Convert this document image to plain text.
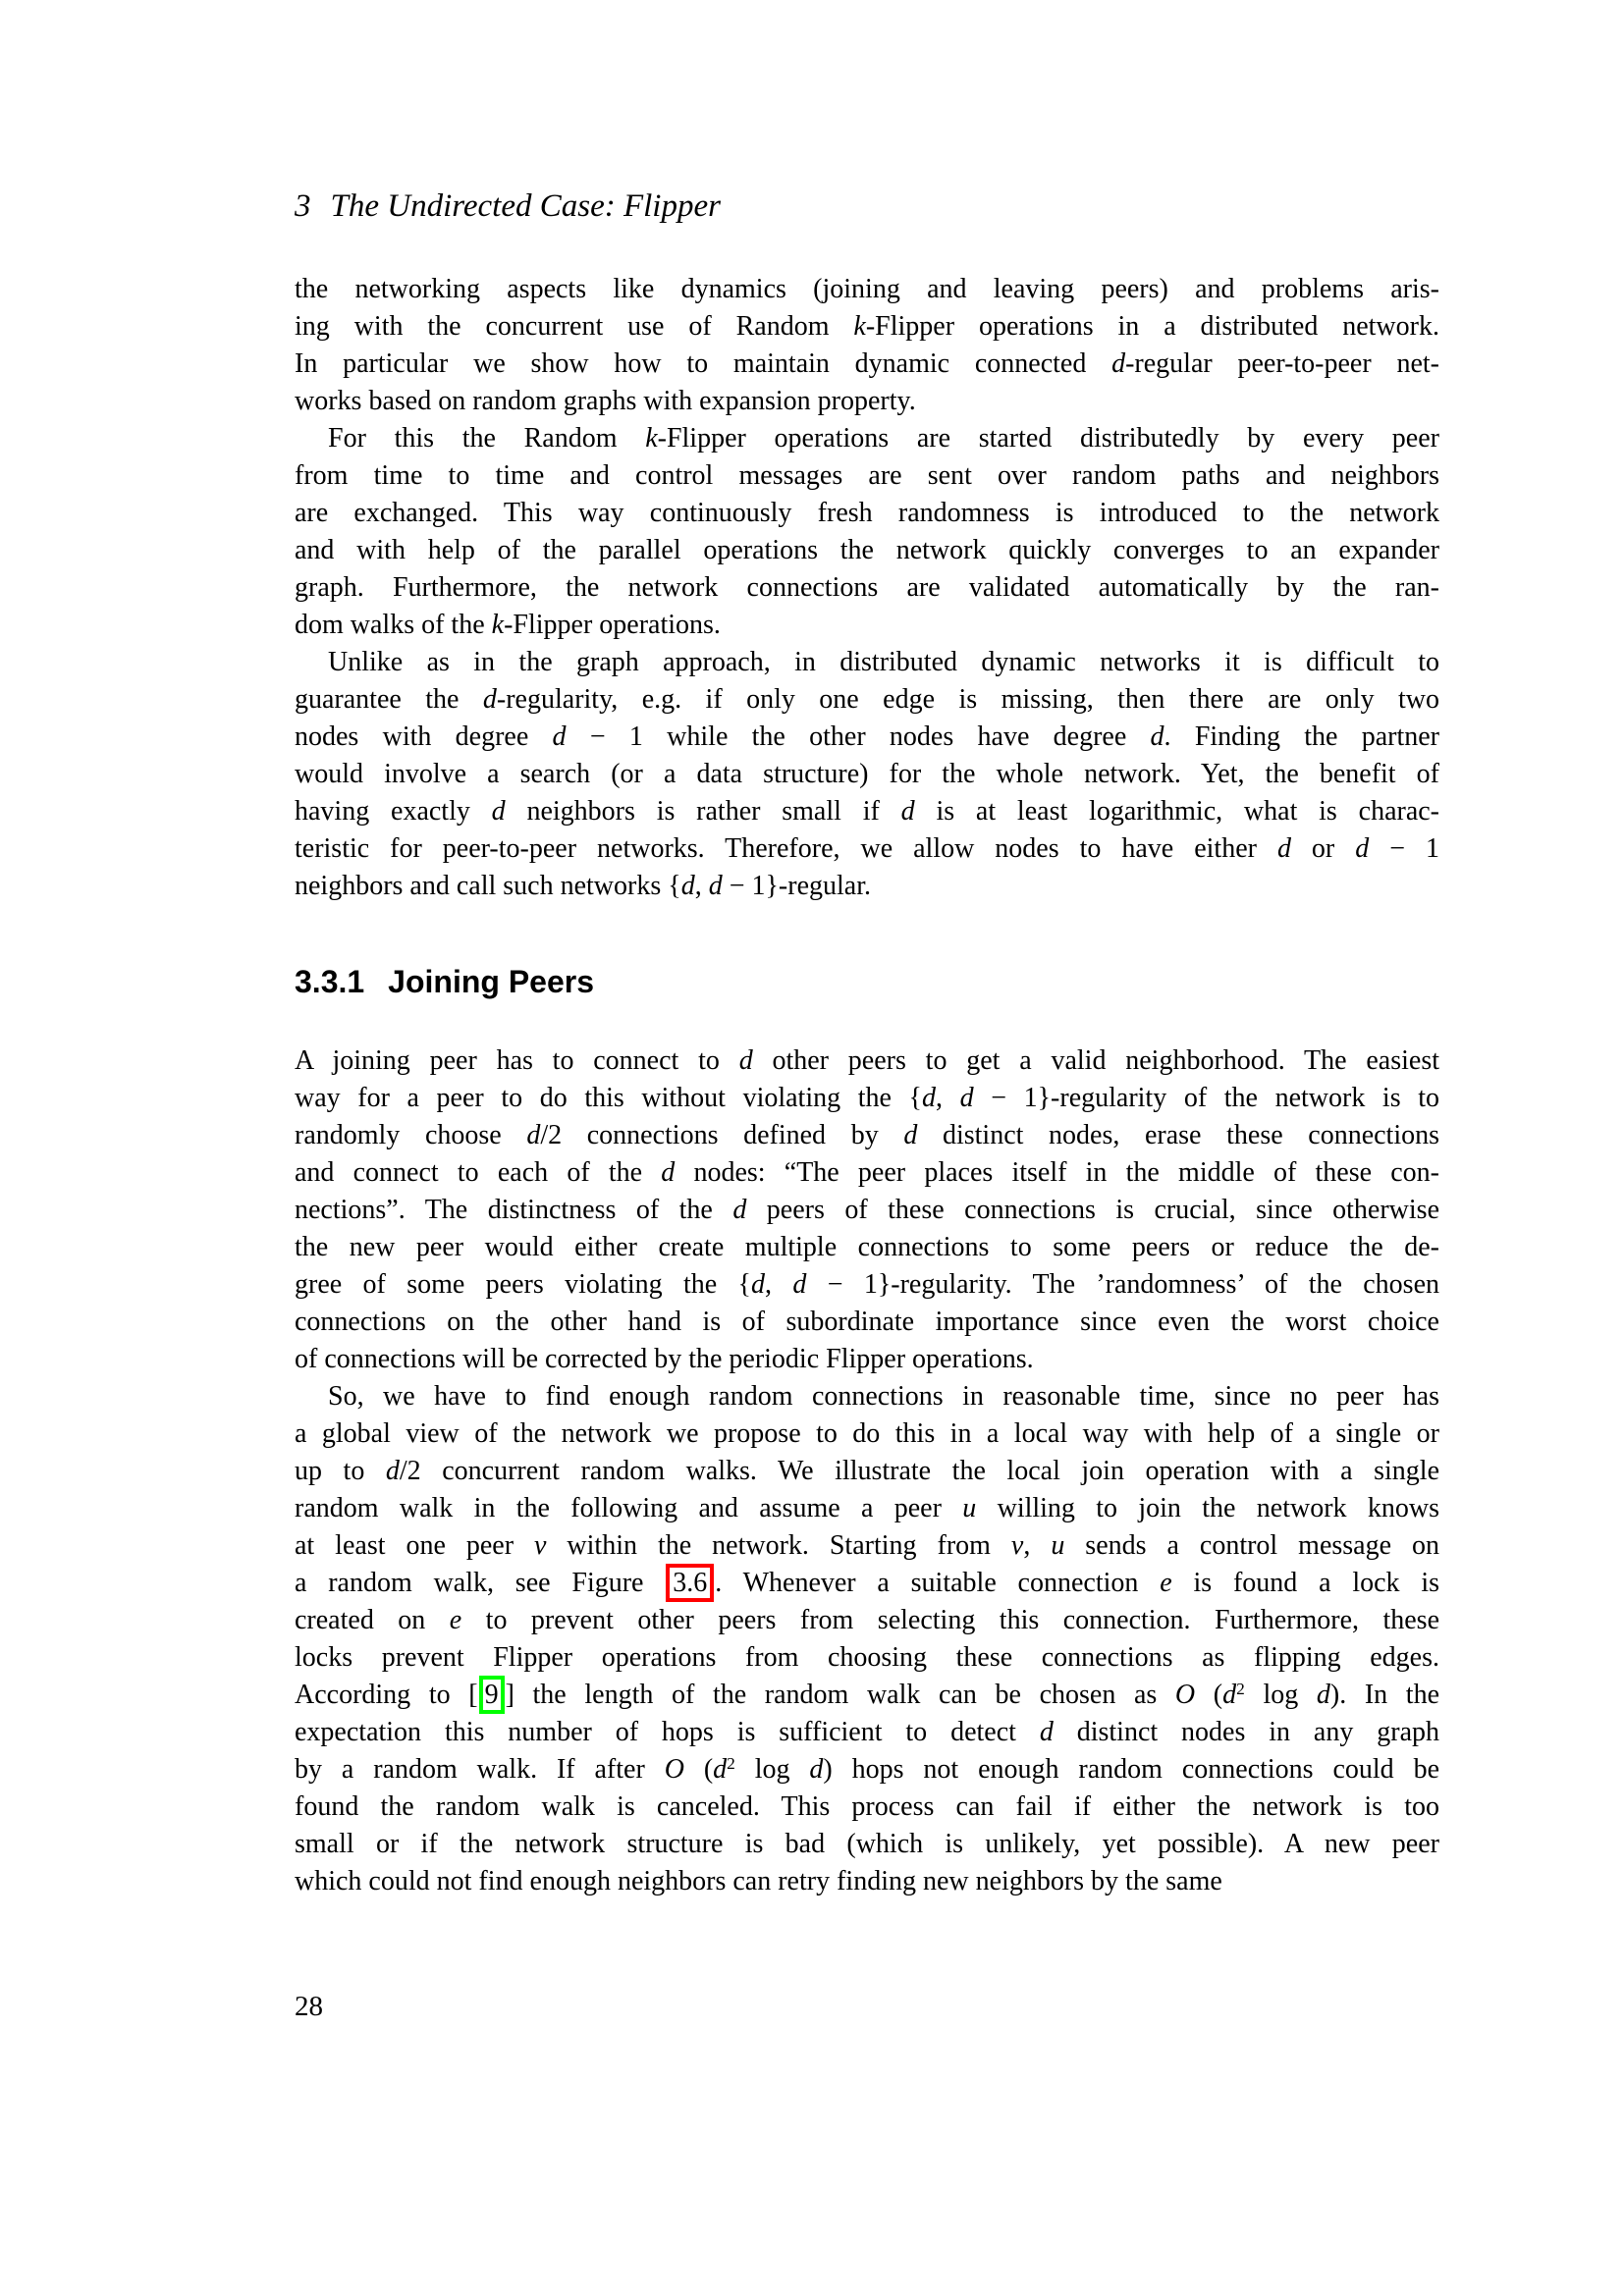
3 The Undirected Case: Flipper
the networking aspects like dynamics (joining and leaving peers) and problems aris-
ing with the concurrent use of Random k-Flipper operations in a distributed network.
In particular we show how to maintain dynamic connected d-regular peer-to-peer net-
works based on random graphs with expansion property.
For this the Random k-Flipper operations are started distributedly by every peer
from time to time and control messages are sent over random paths and neighbors
are exchanged. This way continuously fresh randomness is introduced to the network
and with help of the parallel operations the network quickly converges to an expander
graph. Furthermore, the network connections are validated automatically by the ran-
dom walks of the k-Flipper operations.
Unlike as in the graph approach, in distributed dynamic networks it is difficult to
guarantee the d-regularity, e.g. if only one edge is missing, then there are only two
nodes with degree d − 1 while the other nodes have degree d. Finding the partner
would involve a search (or a data structure) for the whole network. Yet, the benefit of
having exactly d neighbors is rather small if d is at least logarithmic, what is charac-
teristic for peer-to-peer networks. Therefore, we allow nodes to have either d or d − 1
neighbors and call such networks {d, d − 1}-regular.
3.3.1 Joining Peers
A joining peer has to connect to d other peers to get a valid neighborhood. The easiest
way for a peer to do this without violating the {d, d − 1}-regularity of the network is to
randomly choose d/2 connections defined by d distinct nodes, erase these connections
and connect to each of the d nodes: “The peer places itself in the middle of these con-
nections”. The distinctness of the d peers of these connections is crucial, since otherwise
the new peer would either create multiple connections to some peers or reduce the de-
gree of some peers violating the {d, d − 1}-regularity. The ’randomness’ of the chosen
connections on the other hand is of subordinate importance since even the worst choice
of connections will be corrected by the periodic Flipper operations.
So, we have to find enough random connections in reasonable time, since no peer has
a global view of the network we propose to do this in a local way with help of a single or
up to d/2 concurrent random walks. We illustrate the local join operation with a single
random walk in the following and assume a peer u willing to join the network knows
at least one peer v within the network. Starting from v, u sends a control message on
a random walk, see Figure 3.6 . Whenever a suitable connection e is found a lock is
created on e to prevent other peers from selecting this connection. Furthermore, these
locks prevent Flipper operations from choosing these connections as flipping edges.
According to [ 9 ] the length of the random walk can be chosen as O ($d^2$ log d). In the
expectation this number of hops is sufficient to detect d distinct nodes in any graph
by a random walk. If after O ($d^2$ log d) hops not enough random connections could be
found the random walk is canceled. This process can fail if either the network is too
small or if the network structure is bad (which is unlikely, yet possible). A new peer
which could not find enough neighbors can retry finding new neighbors by the same
28
